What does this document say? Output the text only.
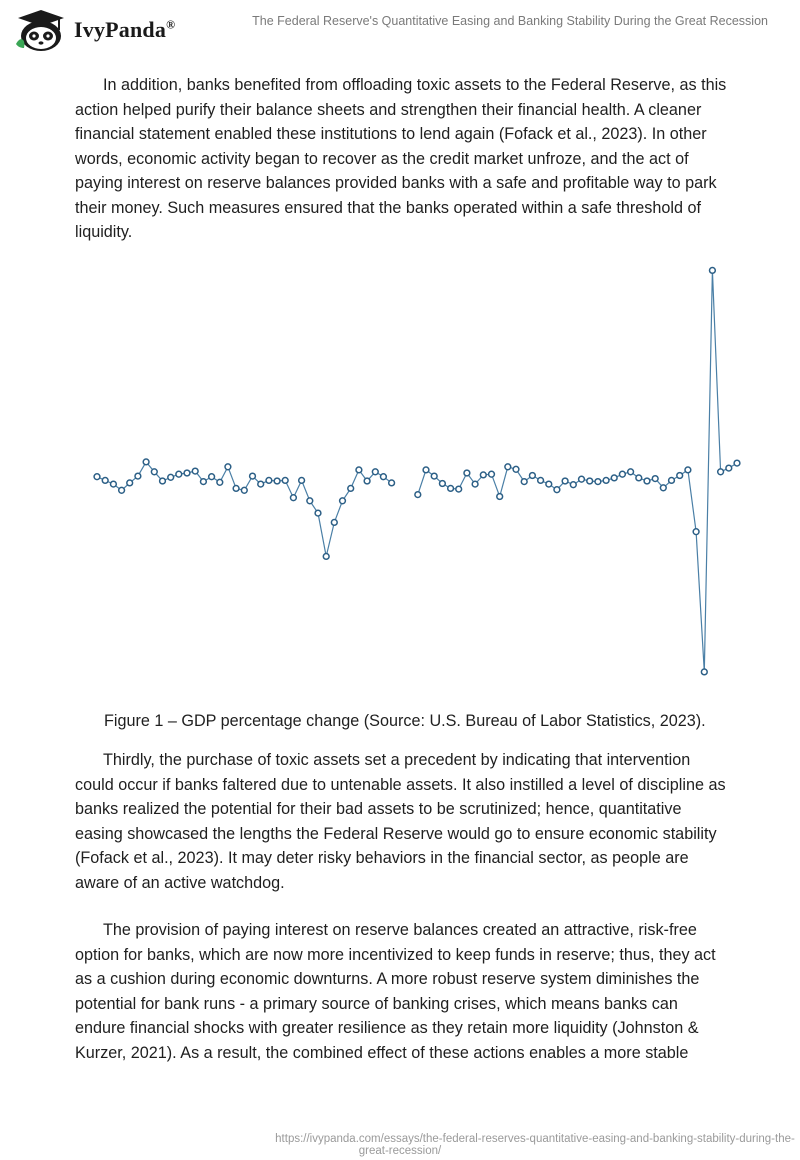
IvyPanda®	The Federal Reserve's Quantitative Easing and Banking Stability During the Great Recession

In addition, banks benefited from offloading toxic assets to the Federal Reserve, as this action helped purify their balance sheets and strengthen their financial health. A cleaner financial statement enabled these institutions to lend again (Fofack et al., 2023). In other words, economic activity began to recover as the credit market unfroze, and the act of paying interest on reserve balances provided banks with a safe and profitable way to park their money. Such measures ensured that the banks operated within a safe threshold of liquidity.

Figure 1 – GDP percentage change (Source: U.S. Bureau of Labor Statistics, 2023).

Thirdly, the purchase of toxic assets set a precedent by indicating that intervention could occur if banks faltered due to untenable assets. It also instilled a level of discipline as banks realized the potential for their bad assets to be scrutinized; hence, quantitative easing showcased the lengths the Federal Reserve would go to ensure economic stability (Fofack et al., 2023). It may deter risky behaviors in the financial sector, as people are aware of an active watchdog.

The provision of paying interest on reserve balances created an attractive, risk-free option for banks, which are now more incentivized to keep funds in reserve; thus, they act as a cushion during economic downturns. A more robust reserve system diminishes the potential for bank runs - a primary source of banking crises, which means banks can endure financial shocks with greater resilience as they retain more liquidity (Johnston & Kurzer, 2021). As a result, the combined effect of these actions enables a more stable

https://ivypanda.com/essays/the-federal-reserves-quantitative-easing-and-banking-stability-during-the-great-recession/
